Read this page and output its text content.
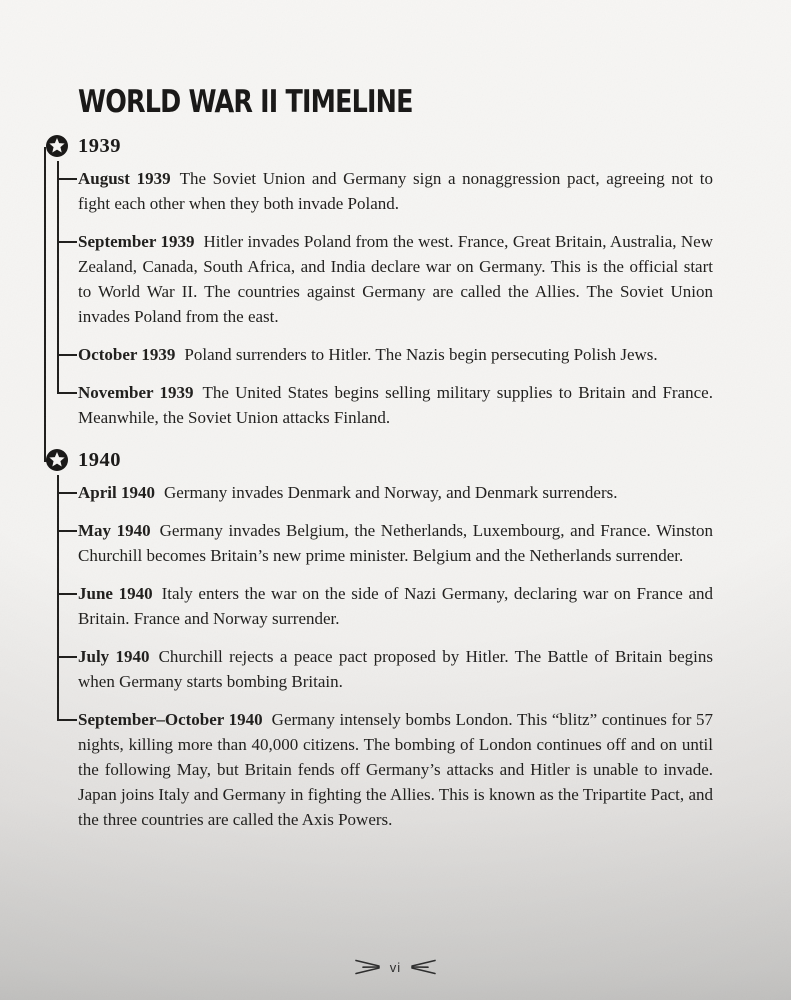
WORLD WAR II TIMELINE
1939

August 1939 The Soviet Union and Germany sign a nonaggression pact, agreeing not to fight each other when they both invade Poland.

September 1939 Hitler invades Poland from the west. France, Great Britain, Australia, New Zealand, Canada, South Africa, and India declare war on Germany. This is the official start to World War II. The countries against Germany are called the Allies. The Soviet Union invades Poland from the east.

October 1939 Poland surrenders to Hitler. The Nazis begin persecuting Polish Jews.

November 1939 The United States begins selling military supplies to Britain and France. Meanwhile, the Soviet Union attacks Finland.

1940

April 1940 Germany invades Denmark and Norway, and Denmark surrenders.

May 1940 Germany invades Belgium, the Netherlands, Luxembourg, and France. Winston Churchill becomes Britain’s new prime minister. Belgium and the Netherlands surrender.

June 1940 Italy enters the war on the side of Nazi Germany, declaring war on France and Britain. France and Norway surrender.

July 1940 Churchill rejects a peace pact proposed by Hitler. The Battle of Britain begins when Germany starts bombing Britain.

September–October 1940 Germany intensely bombs London. This “blitz” continues for 57 nights, killing more than 40,000 citizens. The bombing of London continues off and on until the following May, but Britain fends off Germany’s attacks and Hitler is unable to invade. Japan joins Italy and Germany in fighting the Allies. This is known as the Tripartite Pact, and the three countries are called the Axis Powers.

vi
